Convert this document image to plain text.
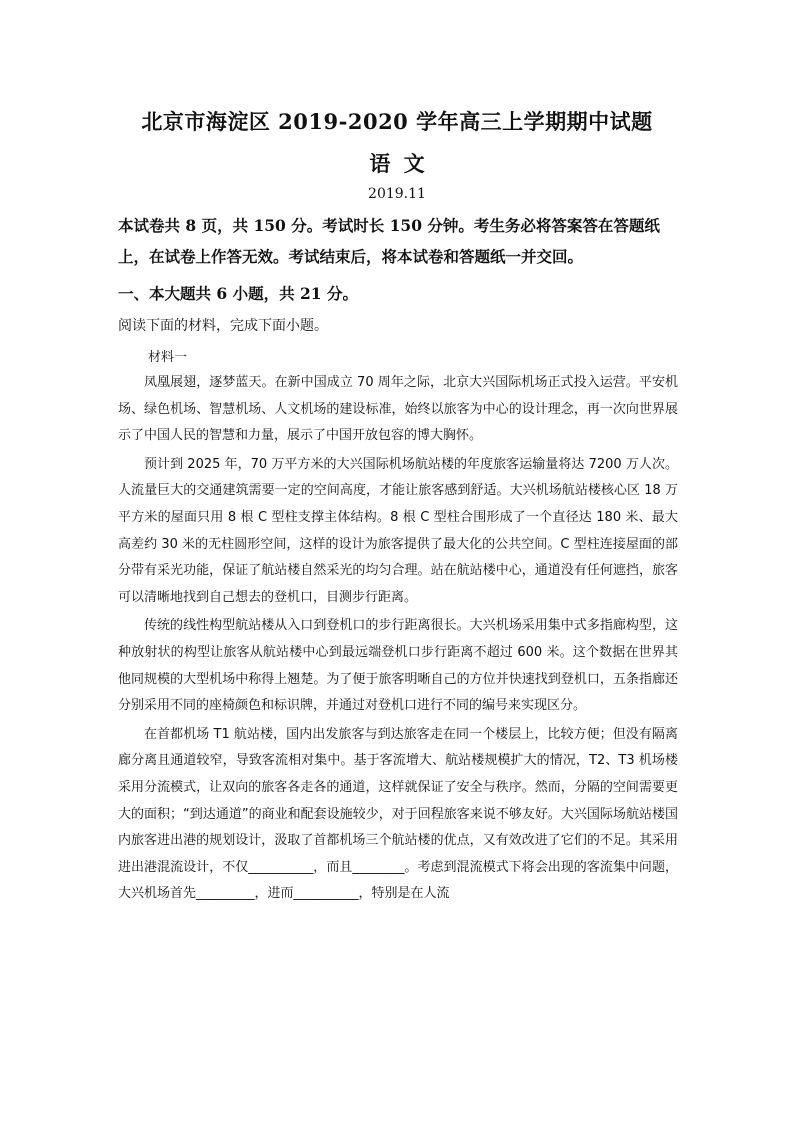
北京市海淀区 2019-2020 学年高三上学期期中试题
语 文
2019.11
本试卷共 8 页，共 150 分。考试时长 150 分钟。考生务必将答案答在答题纸上，在试卷上作答无效。考试结束后，将本试卷和答题纸一并交回。
一、本大题共 6 小题，共 21 分。
阅读下面的材料，完成下面小题。
材料一

凤凰展翅，逐梦蓝天。在新中国成立 70 周年之际，北京大兴国际机场正式投入运营。平安机场、绿色机场、智慧机场、人文机场的建设标准，始终以旅客为中心的设计理念，再一次向世界展示了中国人民的智慧和力量，展示了中国开放包容的博大胸怀。

预计到 2025 年，70 万平方米的大兴国际机场航站楼的年度旅客运输量将达 7200 万人次。人流量巨大的交通建筑需要一定的空间高度，才能让旅客感到舒适。大兴机场航站楼核心区 18 万平方米的屋面只用 8 根 C 型柱支撑主体结构。8 根 C 型柱合围形成了一个直径达 180 米、最大高差约 30 米的无柱圆形空间，这样的设计为旅客提供了最大化的公共空间。C 型柱连接屋面的部分带有采光功能，保证了航站楼自然采光的均匀合理。站在航站楼中心，通道没有任何遮挡，旅客可以清晰地找到自己想去的登机口，目测步行距离。

传统的线性构型航站楼从入口到登机口的步行距离很长。大兴机场采用集中式多指廊构型，这种放射状的构型让旅客从航站楼中心到最远端登机口步行距离不超过 600 米。这个数据在世界其他同规模的大型机场中称得上翘楚。为了便于旅客明晰自己的方位并快速找到登机口，五条指廊还分别采用不同的座椅颜色和标识牌，并通过对登机口进行不同的编号来实现区分。

在首都机场 T1 航站楼，国内出发旅客与到达旅客走在同一个楼层上，比较方便；但没有隔离廊分离且通道较窄，导致客流相对集中。基于客流增大、航站楼规模扩大的情况，T2、T3 机场楼采用分流模式，让双向的旅客各走各的通道，这样就保证了安全与秩序。然而，分隔的空间需要更大的面积；“到达通道”的商业和配套设施较少，对于回程旅客来说不够友好。大兴国际场航站楼国内旅客进出港的规划设计，汲取了首都机场三个航站楼的优点，又有效改进了它们的不足。其采用进出港混流设计，不仅__________，而且________。考虑到混流模式下将会出现的客流集中问题，大兴机场首先_________，进而__________，特别是在人流
